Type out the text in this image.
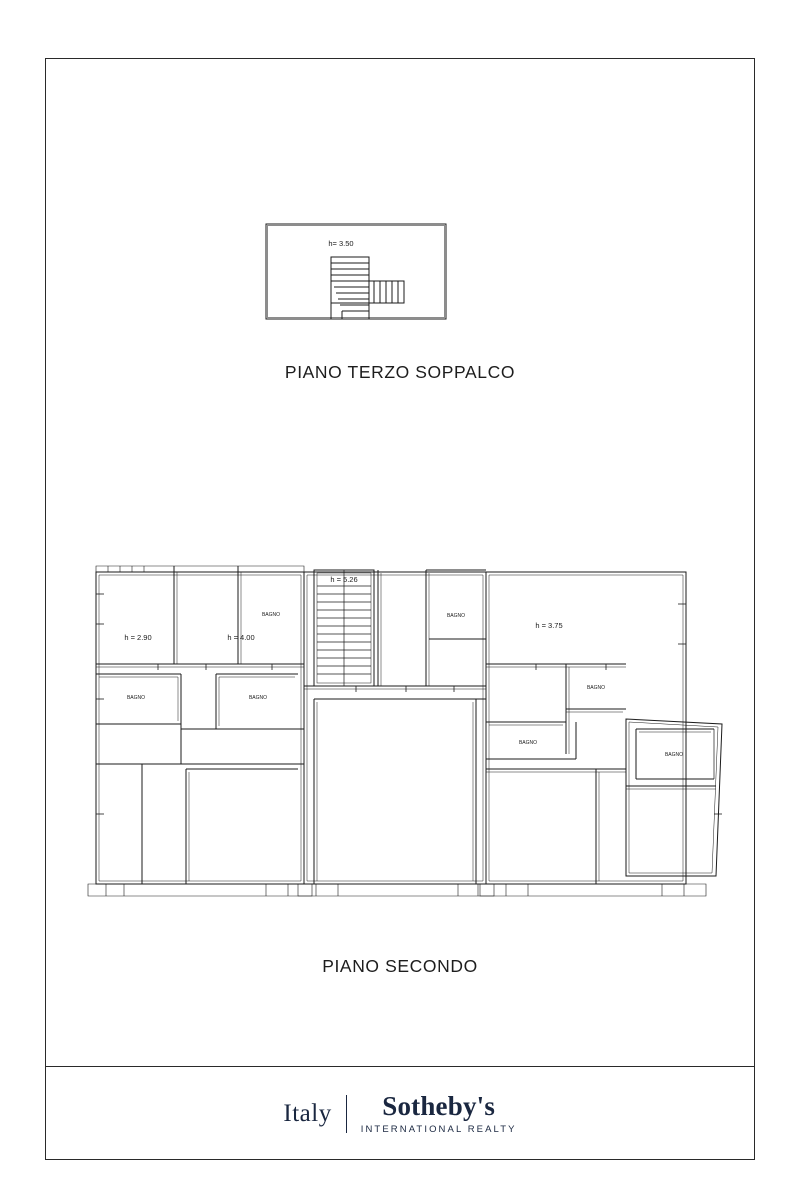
h= 3.50
PIANO TERZO SOPPALCO
h = 2.90	h = 4.00
h = 5.26
h = 3.75
BAGNO	BAGNO
BAGNO	BAGNO
BAGNO
BAGNO
BAGNO
PIANO SECONDO
Italy Sotheby's
INTERNATIONAL REALTY
